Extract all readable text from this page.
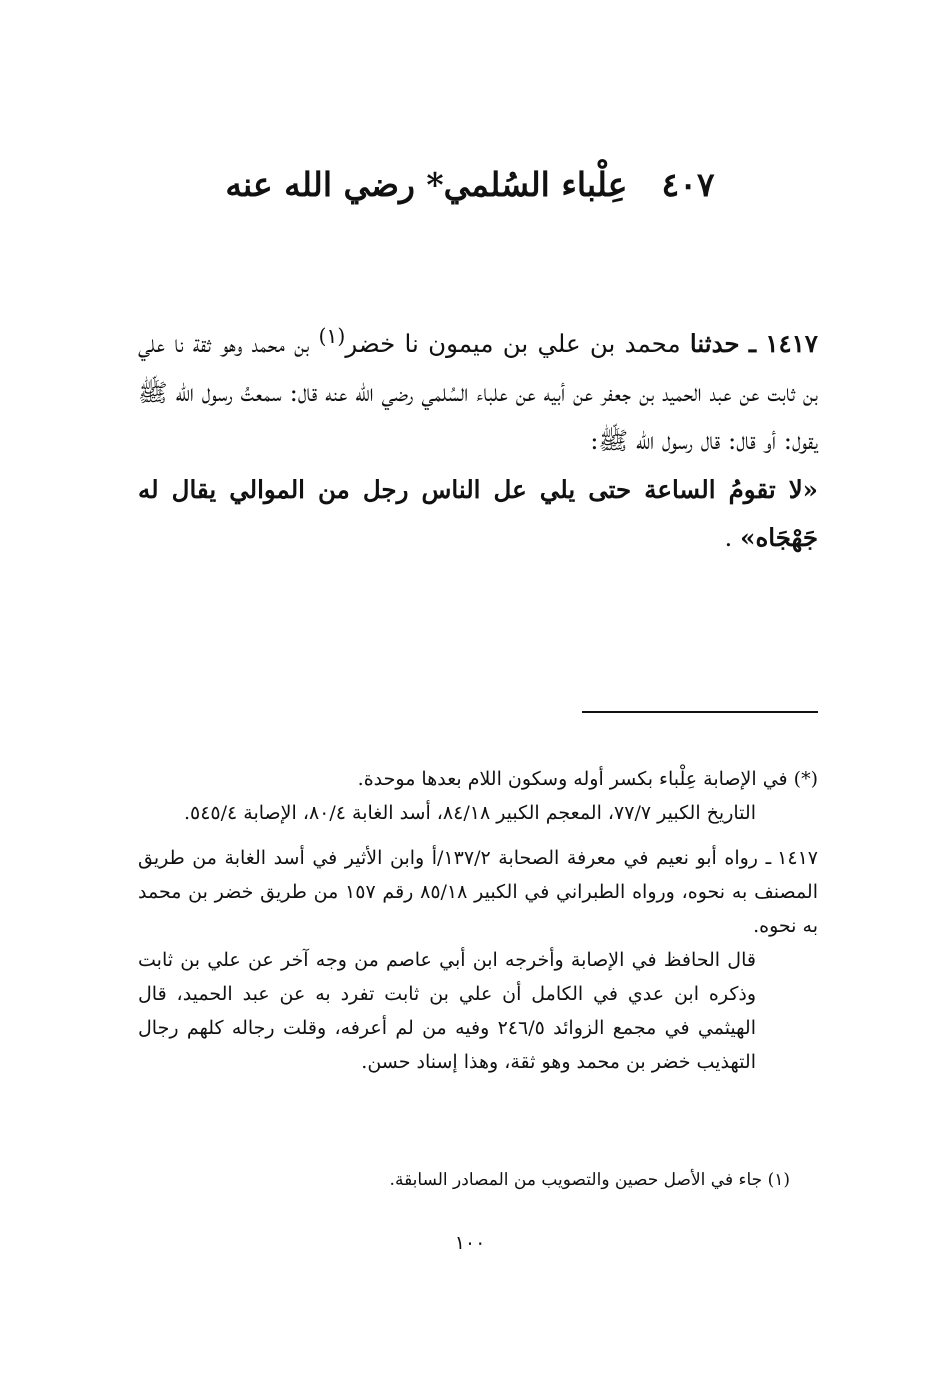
٤٠٧عِلْباء السُلمي* رضي الله عنه

١٤١٧ ـ حدثنا محمد بن علي بن ميمون نا خضر$^{(١)}$ بن محمد وهو ثقة نا علي بن ثابت عن عبد الحميد بن جعفر عن أبيه عن علباء السُلمي رضي الله عنه قال: سمعتُ رسول الله ﷺ يقول: أو قال: قال رسول الله ﷺ:

«لا تقومُ الساعة حتى يلي عل الناس رجل من الموالي يقال له جَهْجَاه» .

(*) في الإصابة عِلْباء بكسر أوله وسكون اللام بعدها موحدة.

التاريخ الكبير ٧٧/٧، المعجم الكبير ٨٤/١٨، أسد الغابة ٨٠/٤، الإصابة ٥٤٥/٤.

١٤١٧ ـ رواه أبو نعيم في معرفة الصحابة ١٣٧/٢/أ وابن الأثير في أسد الغابة من طريق المصنف به نحوه، ورواه الطبراني في الكبير ٨٥/١٨ رقم ١٥٧ من طريق خضر بن محمد به نحوه.

قال الحافظ في الإصابة وأخرجه ابن أبي عاصم من وجه آخر عن علي بن ثابت وذكره ابن عدي في الكامل أن علي بن ثابت تفرد به عن عبد الحميد، قال الهيثمي في مجمع الزوائد ٢٤٦/٥ وفيه من لم أعرفه، وقلت رجاله كلهم رجال التهذيب خضر بن محمد وهو ثقة، وهذا إسناد حسن.

(١) جاء في الأصل حصين والتصويب من المصادر السابقة.
١٠٠
